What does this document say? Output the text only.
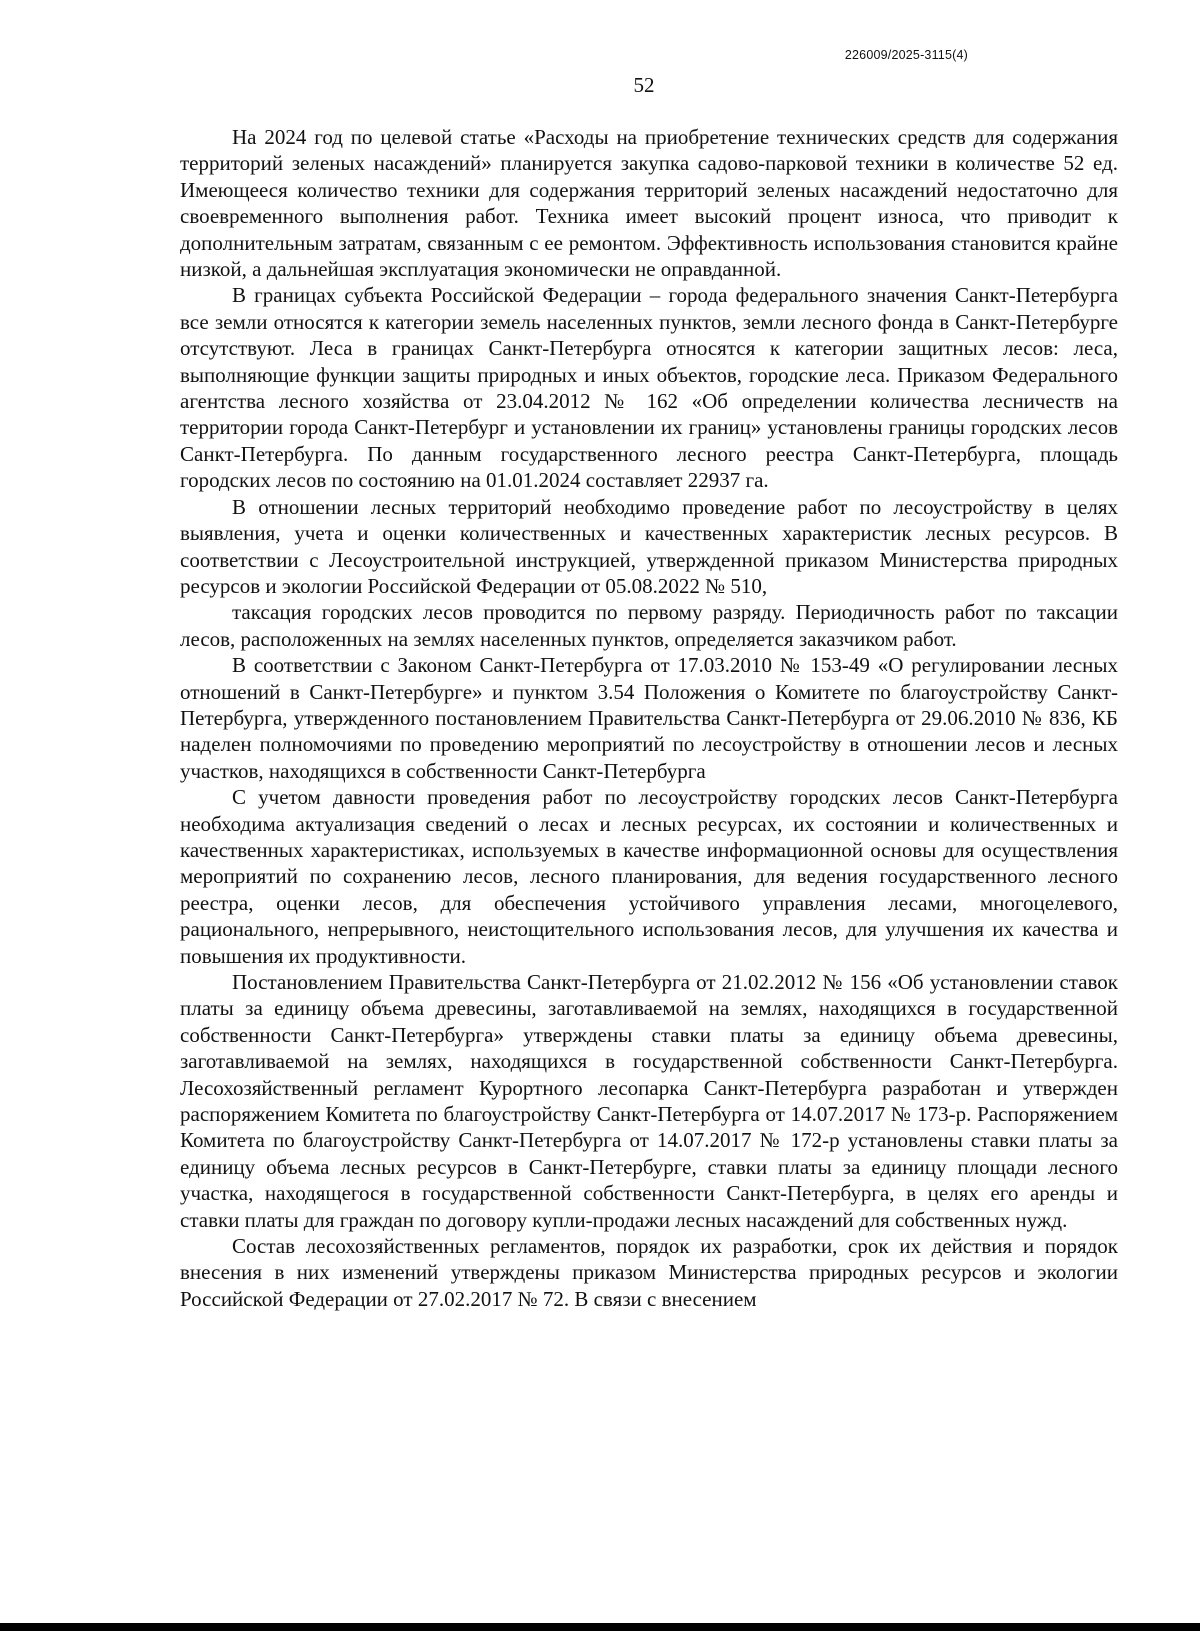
226009/2025-3115(4)
52

На 2024 год по целевой статье «Расходы на приобретение технических средств для содержания территорий зеленых насаждений» планируется закупка садово-парковой техники в количестве 52 ед. Имеющееся количество техники для содержания территорий зеленых насаждений недостаточно для своевременного выполнения работ. Техника имеет высокий процент износа, что приводит к дополнительным затратам, связанным с ее ремонтом. Эффективность использования становится крайне низкой, а дальнейшая эксплуатация экономически не оправданной.

В границах субъекта Российской Федерации – города федерального значения Санкт-Петербурга все земли относятся к категории земель населенных пунктов, земли лесного фонда в Санкт-Петербурге отсутствуют. Леса в границах Санкт-Петербурга относятся к категории защитных лесов: леса, выполняющие функции защиты природных и иных объектов, городские леса. Приказом Федерального агентства лесного хозяйства от 23.04.2012 № 162 «Об определении количества лесничеств на территории города Санкт-Петербург и установлении их границ» установлены границы городских лесов Санкт-Петербурга. По данным государственного лесного реестра Санкт-Петербурга, площадь городских лесов по состоянию на 01.01.2024 составляет 22937 га.

В отношении лесных территорий необходимо проведение работ по лесоустройству в целях выявления, учета и оценки количественных и качественных характеристик лесных ресурсов. В соответствии с Лесоустроительной инструкцией, утвержденной приказом Министерства природных ресурсов и экологии Российской Федерации от 05.08.2022 № 510,

таксация городских лесов проводится по первому разряду. Периодичность работ по таксации лесов, расположенных на землях населенных пунктов, определяется заказчиком работ.

В соответствии с Законом Санкт-Петербурга от 17.03.2010 № 153-49 «О регулировании лесных отношений в Санкт-Петербурге» и пунктом 3.54 Положения о Комитете по благоустройству Санкт-Петербурга, утвержденного постановлением Правительства Санкт-Петербурга от 29.06.2010 № 836, КБ наделен полномочиями по проведению мероприятий по лесоустройству в отношении лесов и лесных участков, находящихся в собственности Санкт-Петербурга

С учетом давности проведения работ по лесоустройству городских лесов Санкт-Петербурга необходима актуализация сведений о лесах и лесных ресурсах, их состоянии и количественных и качественных характеристиках, используемых в качестве информационной основы для осуществления мероприятий по сохранению лесов, лесного планирования, для ведения государственного лесного реестра, оценки лесов, для обеспечения устойчивого управления лесами, многоцелевого, рационального, непрерывного, неистощительного использования лесов, для улучшения их качества и повышения их продуктивности.

Постановлением Правительства Санкт-Петербурга от 21.02.2012 № 156 «Об установлении ставок платы за единицу объема древесины, заготавливаемой на землях, находящихся в государственной собственности Санкт-Петербурга» утверждены ставки платы за единицу объема древесины, заготавливаемой на землях, находящихся в государственной собственности Санкт-Петербурга. Лесохозяйственный регламент Курортного лесопарка Санкт-Петербурга разработан и утвержден распоряжением Комитета по благоустройству Санкт-Петербурга от 14.07.2017 № 173-р. Распоряжением Комитета по благоустройству Санкт-Петербурга от 14.07.2017 № 172-р установлены ставки платы за единицу объема лесных ресурсов в Санкт-Петербурге, ставки платы за единицу площади лесного участка, находящегося в государственной собственности Санкт-Петербурга, в целях его аренды и ставки платы для граждан по договору купли-продажи лесных насаждений для собственных нужд.

Состав лесохозяйственных регламентов, порядок их разработки, срок их действия и порядок внесения в них изменений утверждены приказом Министерства природных ресурсов и экологии Российской Федерации от 27.02.2017 № 72. В связи с внесением
